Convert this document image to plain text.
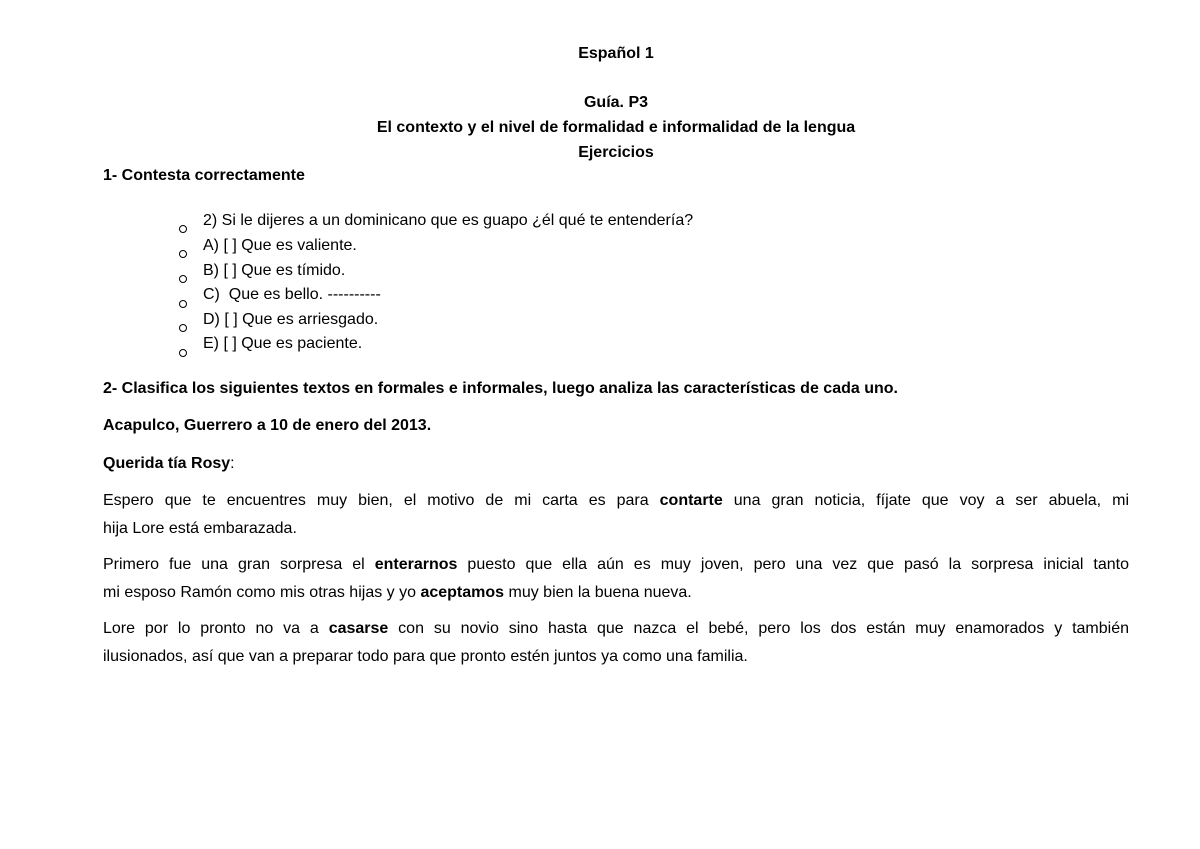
Español 1
Guía. P3
El contexto y el nivel de formalidad e informalidad de la lengua
Ejercicios
1- Contesta correctamente
2) Si le dijeres a un dominicano que es guapo ¿él qué te entendería?
A) [ ] Que es valiente.
B) [ ] Que es tímido.
C)  Que es bello. ----------
D) [ ] Que es arriesgado.
E) [ ] Que es paciente.
2- Clasifica los siguientes textos en formales e informales, luego analiza las características de cada uno.
Acapulco, Guerrero a 10 de enero del 2013.
Querida tía Rosy:
Espero que te encuentres muy bien, el motivo de mi carta es para contarte una gran noticia, fíjate que voy a ser abuela, mi
hija Lore está embarazada.
Primero fue una gran sorpresa el enterarnos puesto que ella aún es muy joven, pero una vez que pasó la sorpresa inicial tanto
mi esposo Ramón como mis otras hijas y yo aceptamos muy bien la buena nueva.
Lore por lo pronto no va a casarse con su novio sino hasta que nazca el bebé, pero los dos están muy enamorados y también
ilusionados, así que van a preparar todo para que pronto estén juntos ya como una familia.
